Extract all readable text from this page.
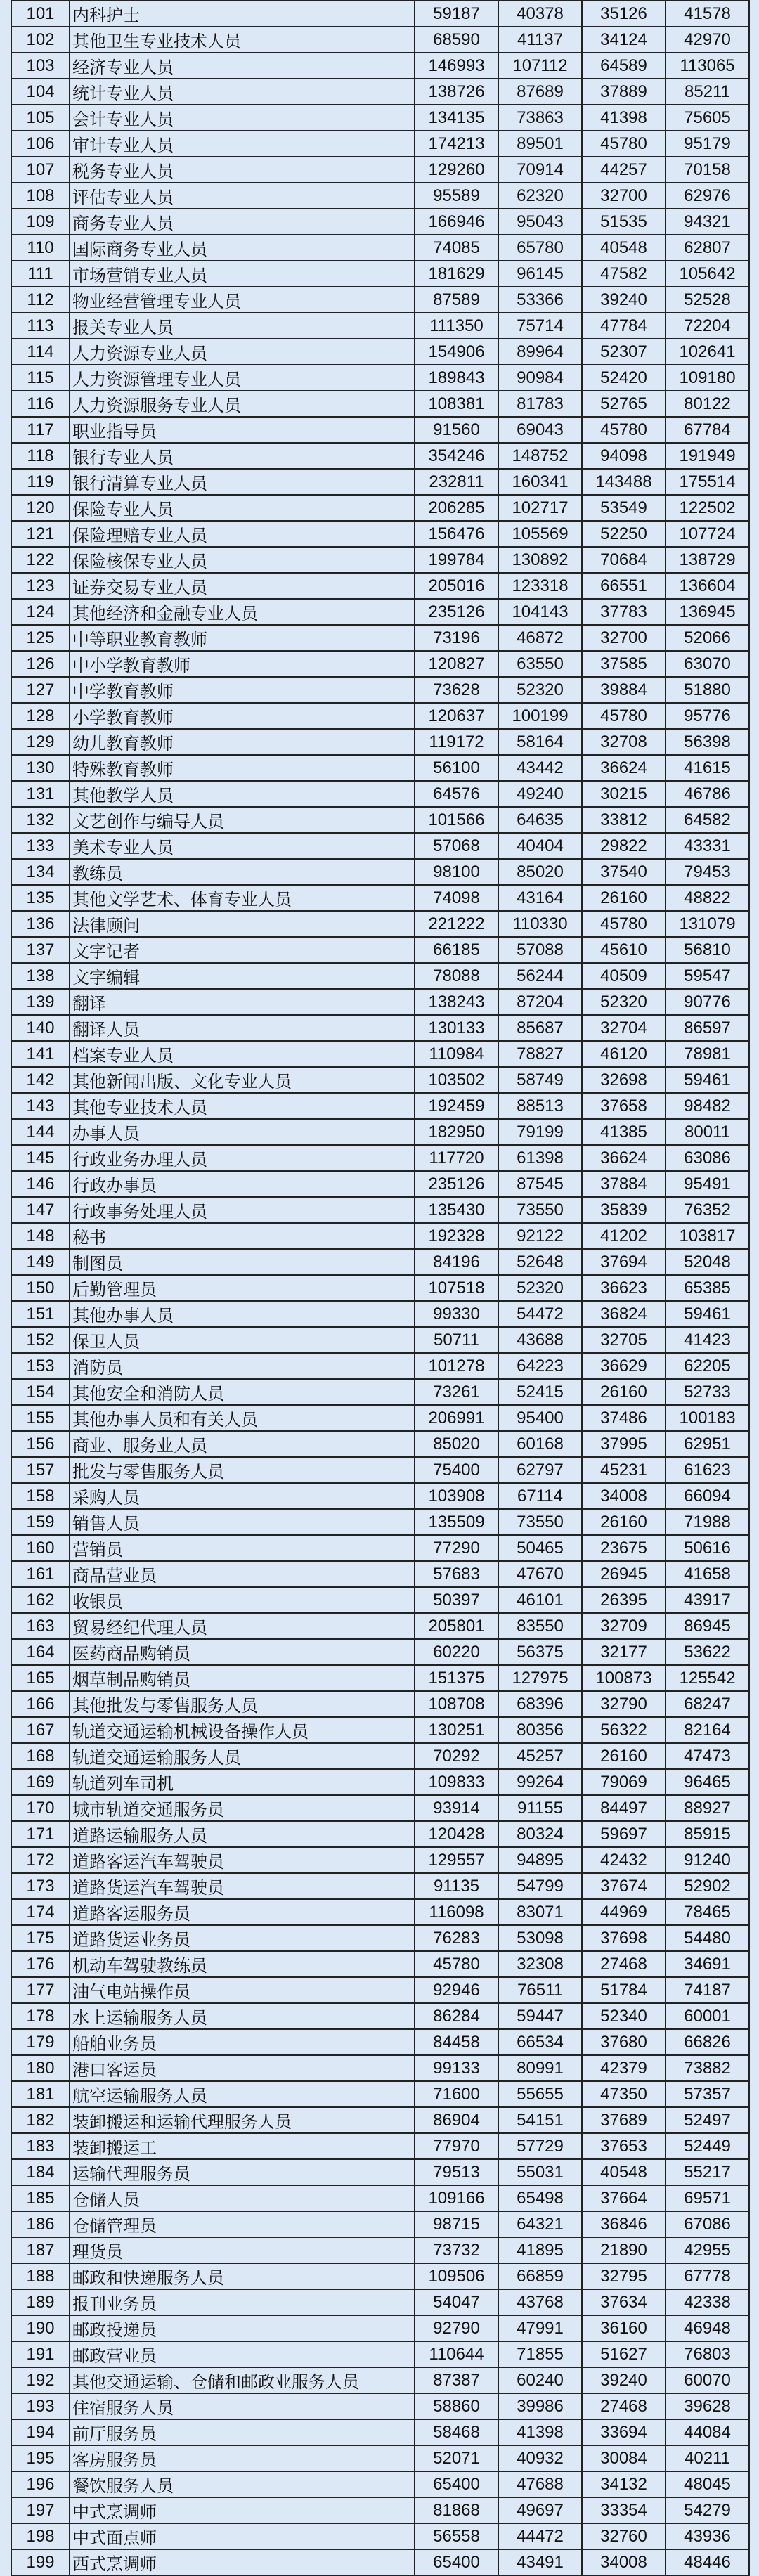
101	内科护士	59187	40378	35126	41578
102	其他卫生专业技术人员	68590	41137	34124	42970
103	经济专业人员	146993	107112	64589	113065
104	统计专业人员	138726	87689	37889	85211
105	会计专业人员	134135	73863	41398	75605
106	审计专业人员	174213	89501	45780	95179
107	税务专业人员	129260	70914	44257	70158
108	评估专业人员	95589	62320	32700	62976
109	商务专业人员	166946	95043	51535	94321
110	国际商务专业人员	74085	65780	40548	62807
111	市场营销专业人员	181629	96145	47582	105642
112	物业经营管理专业人员	87589	53366	39240	52528
113	报关专业人员	111350	75714	47784	72204
114	人力资源专业人员	154906	89964	52307	102641
115	人力资源管理专业人员	189843	90984	52420	109180
116	人力资源服务专业人员	108381	81783	52765	80122
117	职业指导员	91560	69043	45780	67784
118	银行专业人员	354246	148752	94098	191949
119	银行清算专业人员	232811	160341	143488	175514
120	保险专业人员	206285	102717	53549	122502
121	保险理赔专业人员	156476	105569	52250	107724
122	保险核保专业人员	199784	130892	70684	138729
123	证券交易专业人员	205016	123318	66551	136604
124	其他经济和金融专业人员	235126	104143	37783	136945
125	中等职业教育教师	73196	46872	32700	52066
126	中小学教育教师	120827	63550	37585	63070
127	中学教育教师	73628	52320	39884	51880
128	小学教育教师	120637	100199	45780	95776
129	幼儿教育教师	119172	58164	32708	56398
130	特殊教育教师	56100	43442	36624	41615
131	其他教学人员	64576	49240	30215	46786
132	文艺创作与编导人员	101566	64635	33812	64582
133	美术专业人员	57068	40404	29822	43331
134	教练员	98100	85020	37540	79453
135	其他文学艺术、体育专业人员	74098	43164	26160	48822
136	法律顾问	221222	110330	45780	131079
137	文字记者	66185	57088	45610	56810
138	文字编辑	78088	56244	40509	59547
139	翻译	138243	87204	52320	90776
140	翻译人员	130133	85687	32704	86597
141	档案专业人员	110984	78827	46120	78981
142	其他新闻出版、文化专业人员	103502	58749	32698	59461
143	其他专业技术人员	192459	88513	37658	98482
144	办事人员	182950	79199	41385	80011
145	行政业务办理人员	117720	61398	36624	63086
146	行政办事员	235126	87545	37884	95491
147	行政事务处理人员	135430	73550	35839	76352
148	秘书	192328	92122	41202	103817
149	制图员	84196	52648	37694	52048
150	后勤管理员	107518	52320	36623	65385
151	其他办事人员	99330	54472	36824	59461
152	保卫人员	50711	43688	32705	41423
153	消防员	101278	64223	36629	62205
154	其他安全和消防人员	73261	52415	26160	52733
155	其他办事人员和有关人员	206991	95400	37486	100183
156	商业、服务业人员	85020	60168	37995	62951
157	批发与零售服务人员	75400	62797	45231	61623
158	采购人员	103908	67114	34008	66094
159	销售人员	135509	73550	26160	71988
160	营销员	77290	50465	23675	50616
161	商品营业员	57683	47670	26945	41658
162	收银员	50397	46101	26395	43917
163	贸易经纪代理人员	205801	83550	32709	86945
164	医药商品购销员	60220	56375	32177	53622
165	烟草制品购销员	151375	127975	100873	125542
166	其他批发与零售服务人员	108708	68396	32790	68247
167	轨道交通运输机械设备操作人员	130251	80356	56322	82164
168	轨道交通运输服务人员	70292	45257	26160	47473
169	轨道列车司机	109833	99264	79069	96465
170	城市轨道交通服务员	93914	91155	84497	88927
171	道路运输服务人员	120428	80324	59697	85915
172	道路客运汽车驾驶员	129557	94895	42432	91240
173	道路货运汽车驾驶员	91135	54799	37674	52902
174	道路客运服务员	116098	83071	44969	78465
175	道路货运业务员	76283	53098	37698	54480
176	机动车驾驶教练员	45780	32308	27468	34691
177	油气电站操作员	92946	76511	51784	74187
178	水上运输服务人员	86284	59447	52340	60001
179	船舶业务员	84458	66534	37680	66826
180	港口客运员	99133	80991	42379	73882
181	航空运输服务人员	71600	55655	47350	57357
182	装卸搬运和运输代理服务人员	86904	54151	37689	52497
183	装卸搬运工	77970	57729	37653	52449
184	运输代理服务员	79513	55031	40548	55217
185	仓储人员	109166	65498	37664	69571
186	仓储管理员	98715	64321	36846	67086
187	理货员	73732	41895	21890	42955
188	邮政和快递服务人员	109506	66859	32795	67778
189	报刊业务员	54047	43768	37634	42338
190	邮政投递员	92790	47991	36160	46948
191	邮政营业员	110644	71855	51627	76803
192	其他交通运输、仓储和邮政业服务人员	87387	60240	39240	60070
193	住宿服务人员	58860	39986	27468	39628
194	前厅服务员	58468	41398	33694	44084
195	客房服务员	52071	40932	30084	40211
196	餐饮服务人员	65400	47688	34132	48045
197	中式烹调师	81868	49697	33354	54279
198	中式面点师	56558	44472	32760	43936
199	西式烹调师	65400	43491	34008	48446
